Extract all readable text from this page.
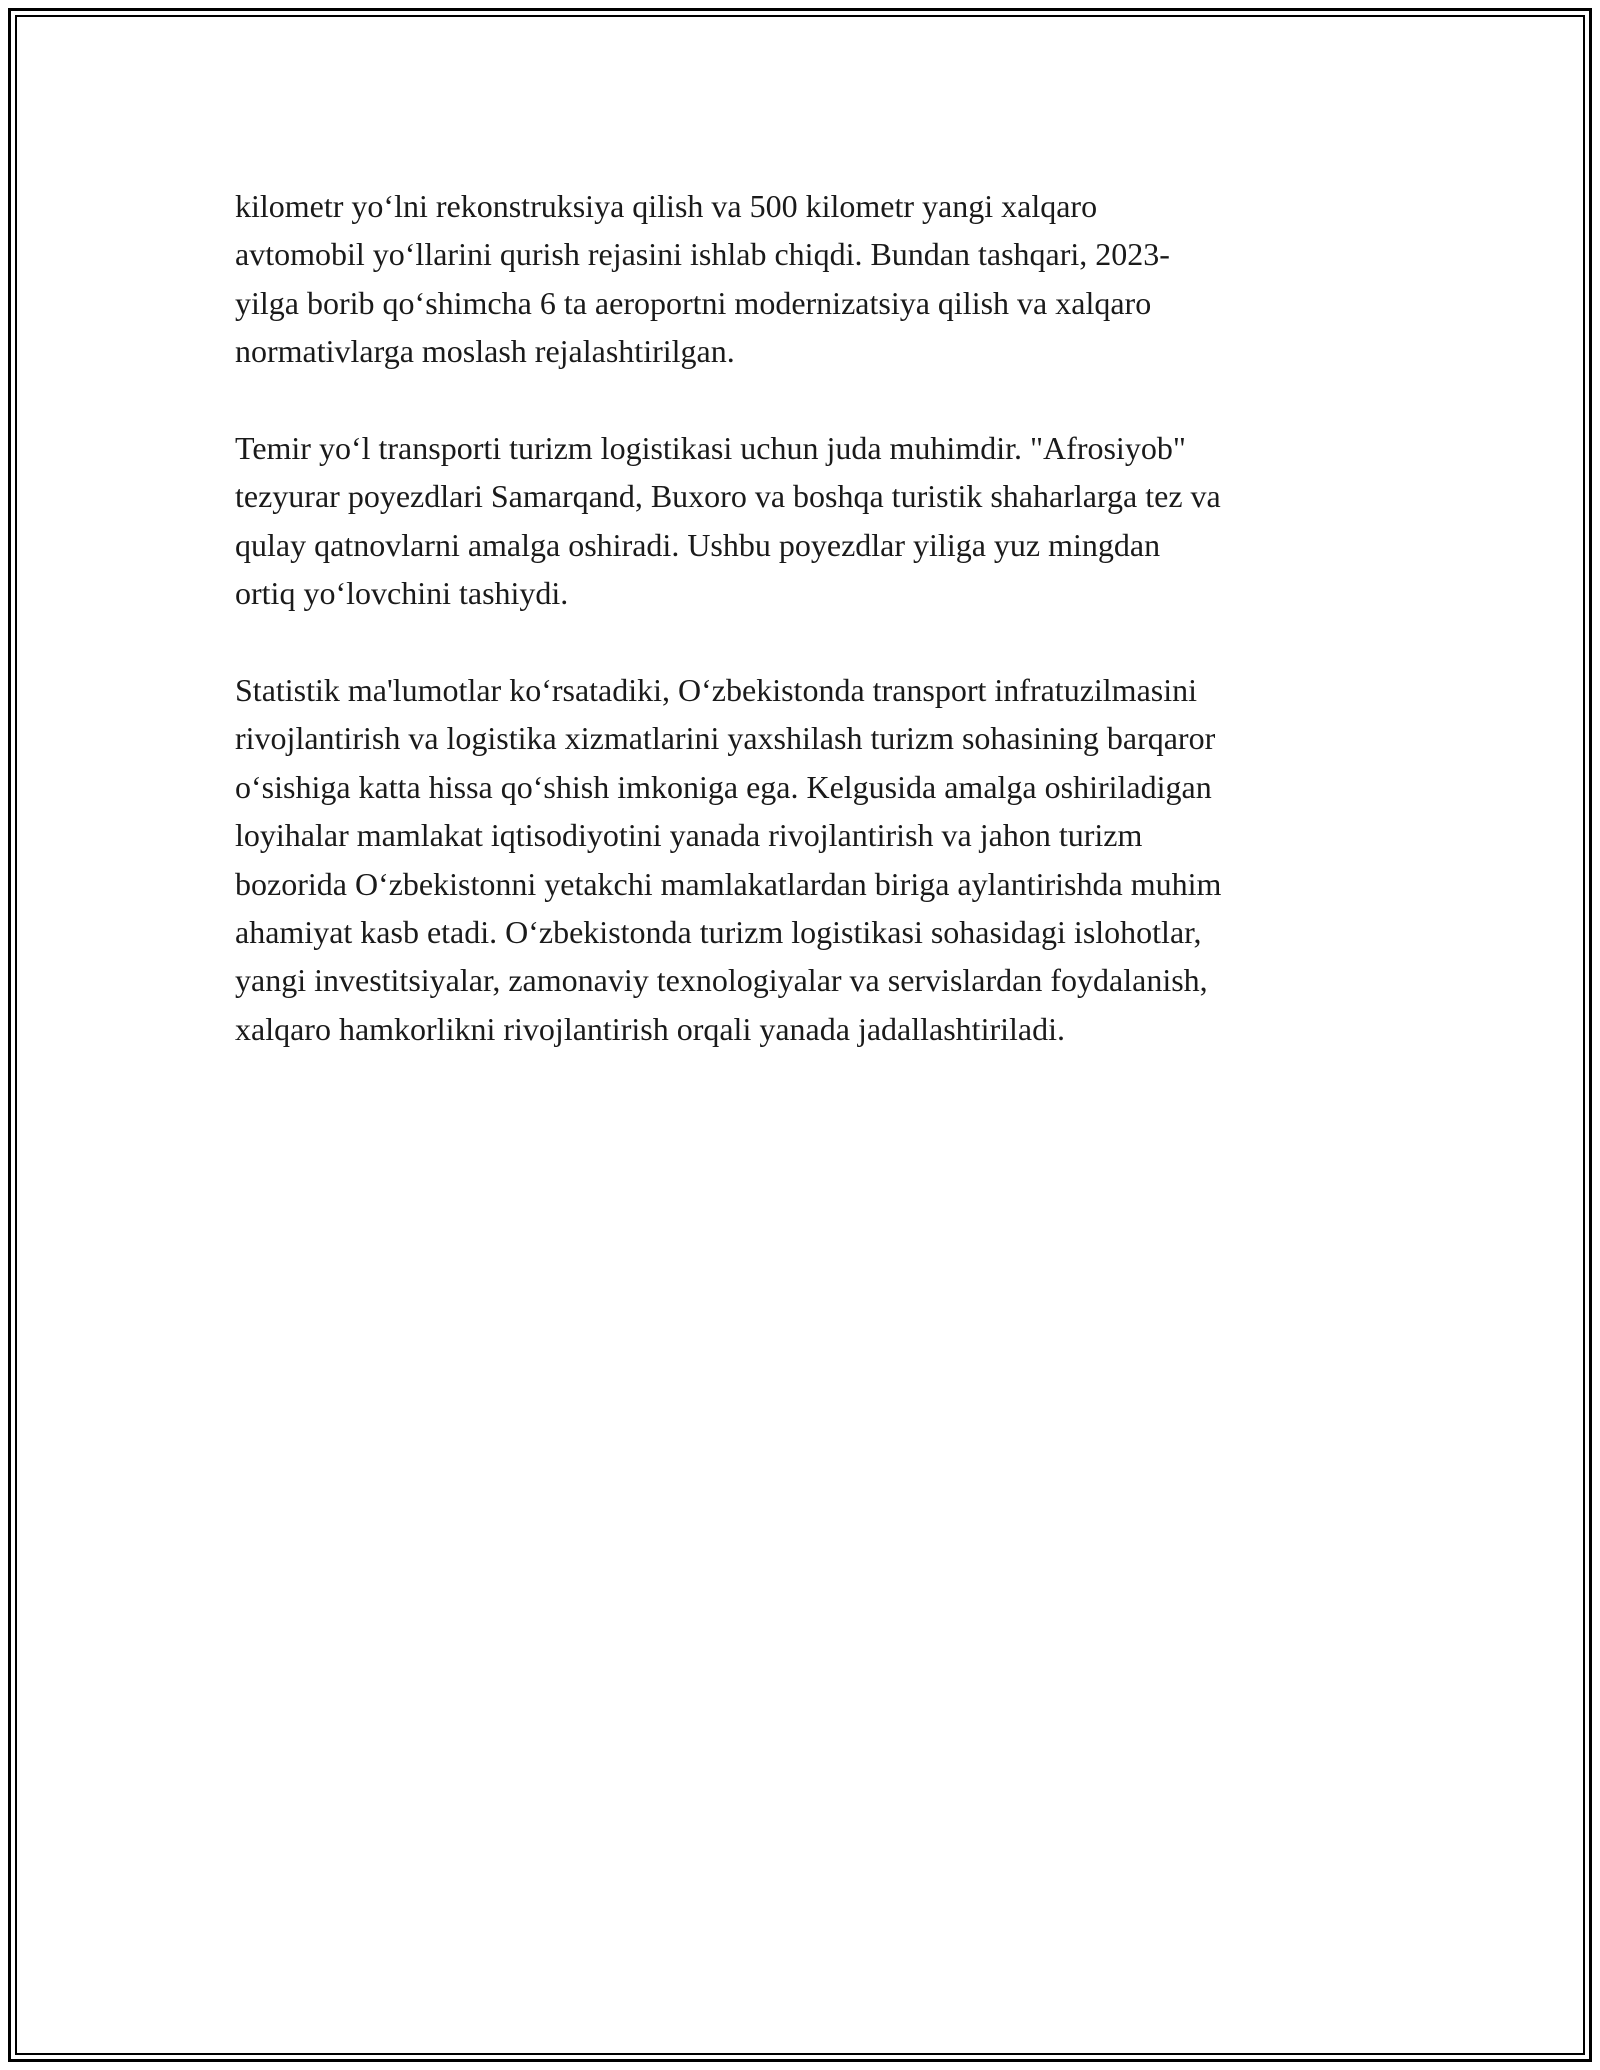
kilometr yo‘lni rekonstruksiya qilish va 500 kilometr yangi xalqaro
avtomobil yo‘llarini qurish rejasini ishlab chiqdi. Bundan tashqari, 2023-
yilga borib qo‘shimcha 6 ta aeroportni modernizatsiya qilish va xalqaro
normativlarga moslash rejalashtirilgan.

Temir yo‘l transporti turizm logistikasi uchun juda muhimdir. "Afrosiyob"
tezyurar poyezdlari Samarqand, Buxoro va boshqa turistik shaharlarga tez va
qulay qatnovlarni amalga oshiradi. Ushbu poyezdlar yiliga yuz mingdan
ortiq yo‘lovchini tashiydi.

Statistik ma'lumotlar ko‘rsatadiki, O‘zbekistonda transport infratuzilmasini
rivojlantirish va logistika xizmatlarini yaxshilash turizm sohasining barqaror
o‘sishiga katta hissa qo‘shish imkoniga ega. Kelgusida amalga oshiriladigan
loyihalar mamlakat iqtisodiyotini yanada rivojlantirish va jahon turizm
bozorida O‘zbekistonni yetakchi mamlakatlardan biriga aylantirishda muhim
ahamiyat kasb etadi. O‘zbekistonda turizm logistikasi sohasidagi islohotlar,
yangi investitsiyalar, zamonaviy texnologiyalar va servislardan foydalanish,
xalqaro hamkorlikni rivojlantirish orqali yanada jadallashtiriladi.
